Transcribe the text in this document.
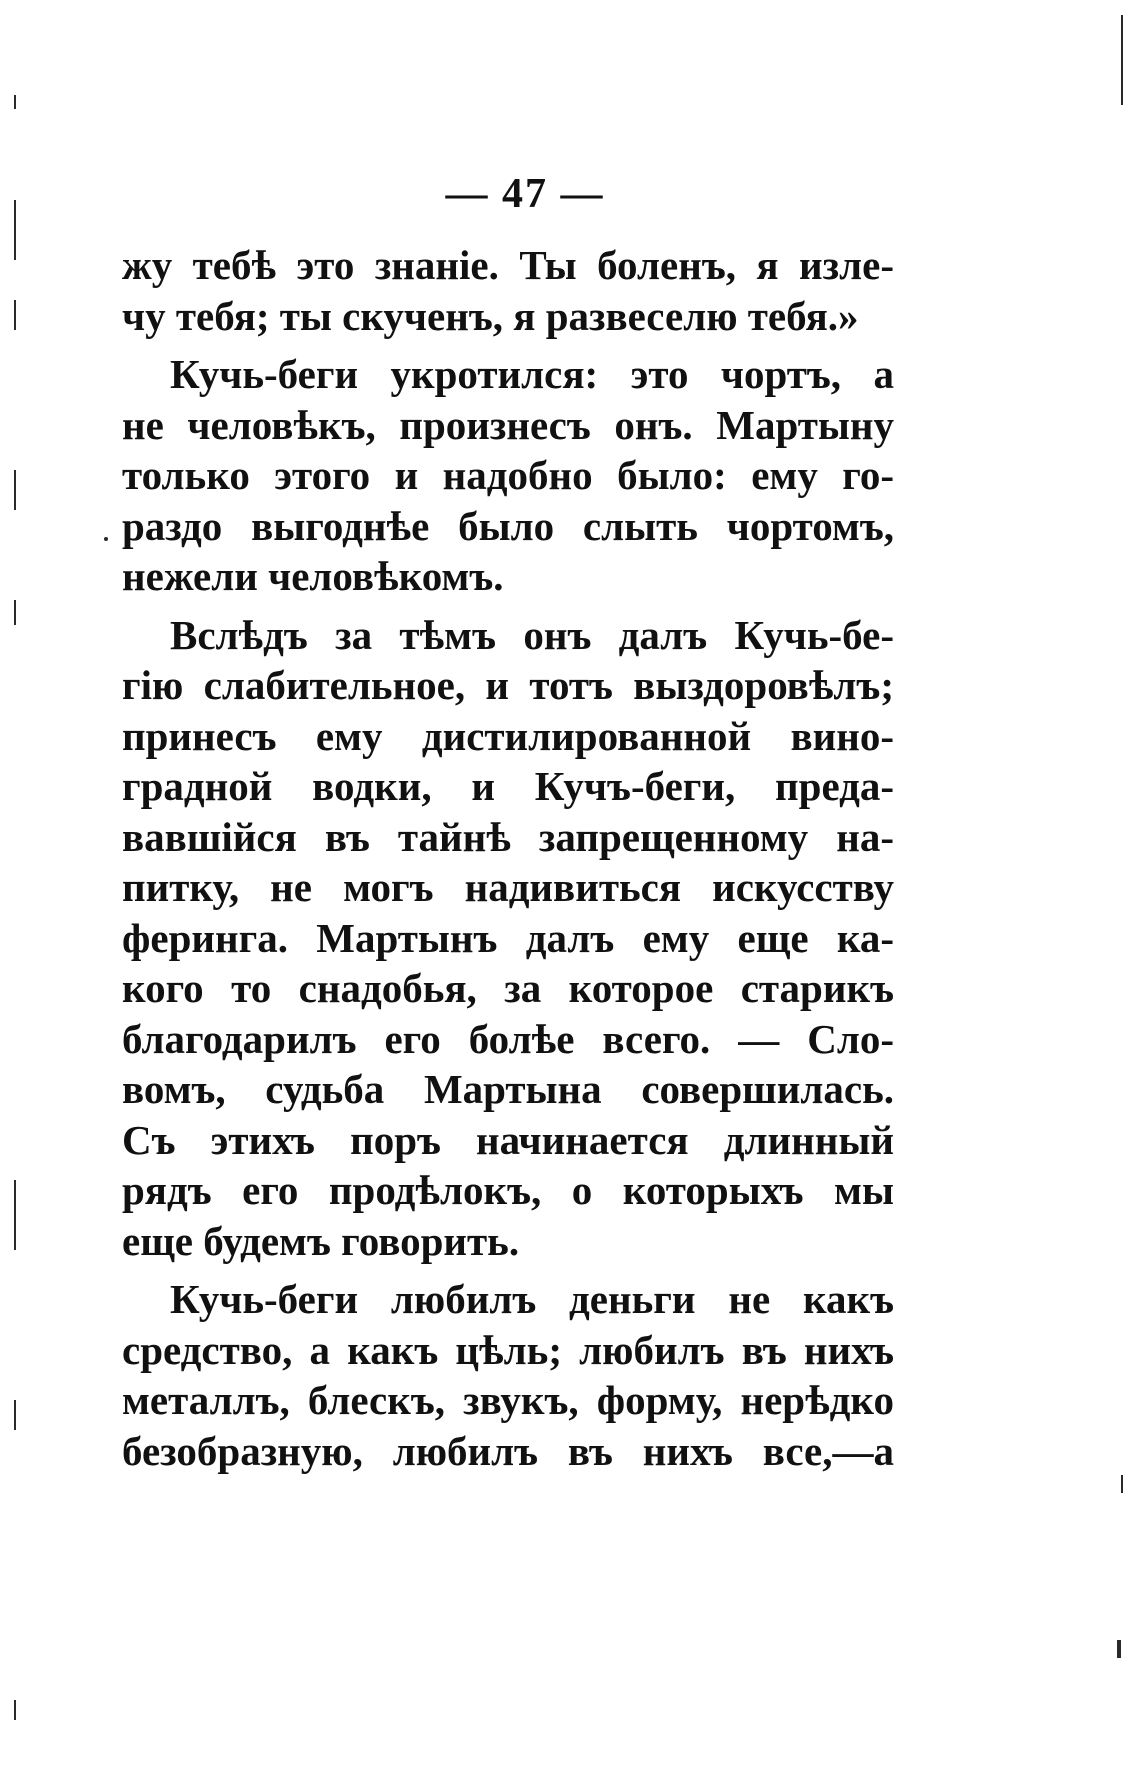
— 47 —

жу тебѣ это знаніе. Ты боленъ, я излe-
чу тебя; ты скученъ, я развеселю тебя.»

Кучь-беги укротился: это чортъ, а
не человѣкъ, произнесъ онъ. Мартыну
только этого и надобно было: ему го-
раздо выгоднѣе было слыть чортомъ,
нежели человѣкомъ.

Вслѣдъ за тѣмъ онъ далъ Кучь-бе-
гію слабительное, и тотъ выздоровѣлъ;
принесъ ему дистилированной вино-
градной водки, и Кучъ-беги, преда-
вавшійся въ тайнѣ запрещенному на-
питку, не могъ надивиться искусству
феринга. Мартынъ далъ ему еще ка-
кого то снадобья, за которое старикъ
благодарилъ его болѣе всего. — Сло-
вомъ, судьба Мартына совершилась.
Съ этихъ поръ начинается длинный
рядъ его продѣлокъ, о которыхъ мы
еще будемъ говорить.

Кучь-беги любилъ деньги не какъ
средство, а какъ цѣль; любилъ въ нихъ
металлъ, блескъ, звукъ, форму, нерѣдко
безобразную, любилъ въ нихъ все,—а
